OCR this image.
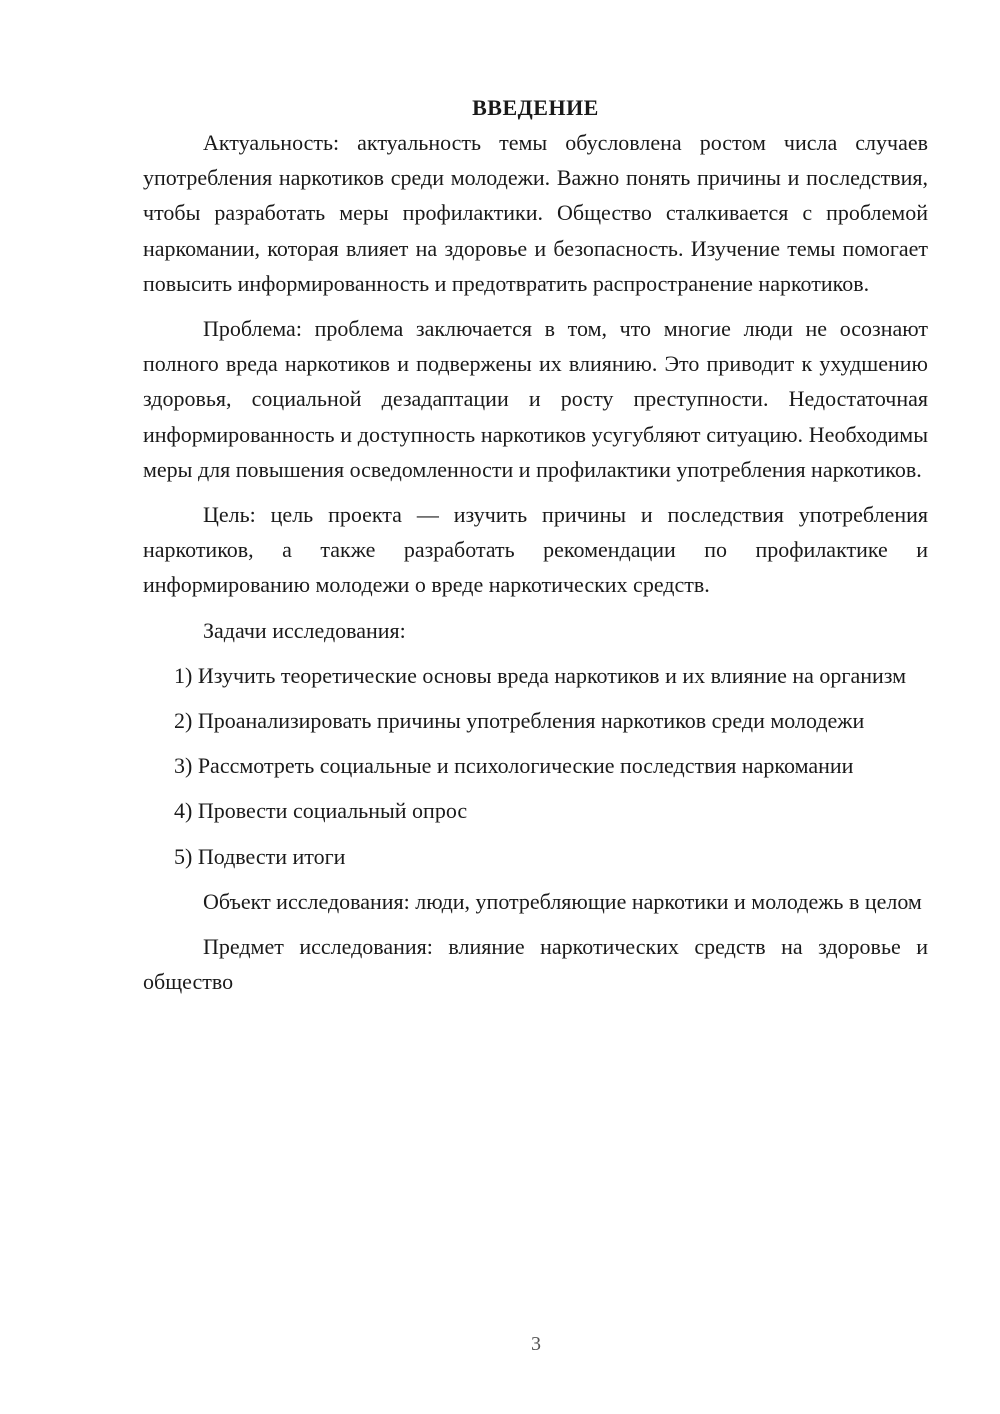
ВВЕДЕНИЕ

Актуальность: актуальность темы обусловлена ростом числа случаев употребления наркотиков среди молодежи. Важно понять причины и последствия, чтобы разработать меры профилактики. Общество сталкивается с проблемой наркомании, которая влияет на здоровье и безопасность. Изучение темы помогает повысить информированность и предотвратить распространение наркотиков.

Проблема: проблема заключается в том, что многие люди не осознают полного вреда наркотиков и подвержены их влиянию. Это приводит к ухудшению здоровья, социальной дезадаптации и росту преступности. Недостаточная информированность и доступность наркотиков усугубляют ситуацию. Необходимы меры для повышения осведомленности и профилактики употребления наркотиков.

Цель: цель проекта — изучить причины и последствия употребления наркотиков, а также разработать рекомендации по профилактике и информированию молодежи о вреде наркотических средств.

Задачи исследования:

1) Изучить теоретические основы вреда наркотиков и их влияние на организм

2) Проанализировать причины употребления наркотиков среди молодежи

3) Рассмотреть социальные и психологические последствия наркомании

4) Провести социальный опрос

5) Подвести итоги

Объект исследования: люди, употребляющие наркотики и молодежь в целом

Предмет исследования: влияние наркотических средств на здоровье и общество

3
